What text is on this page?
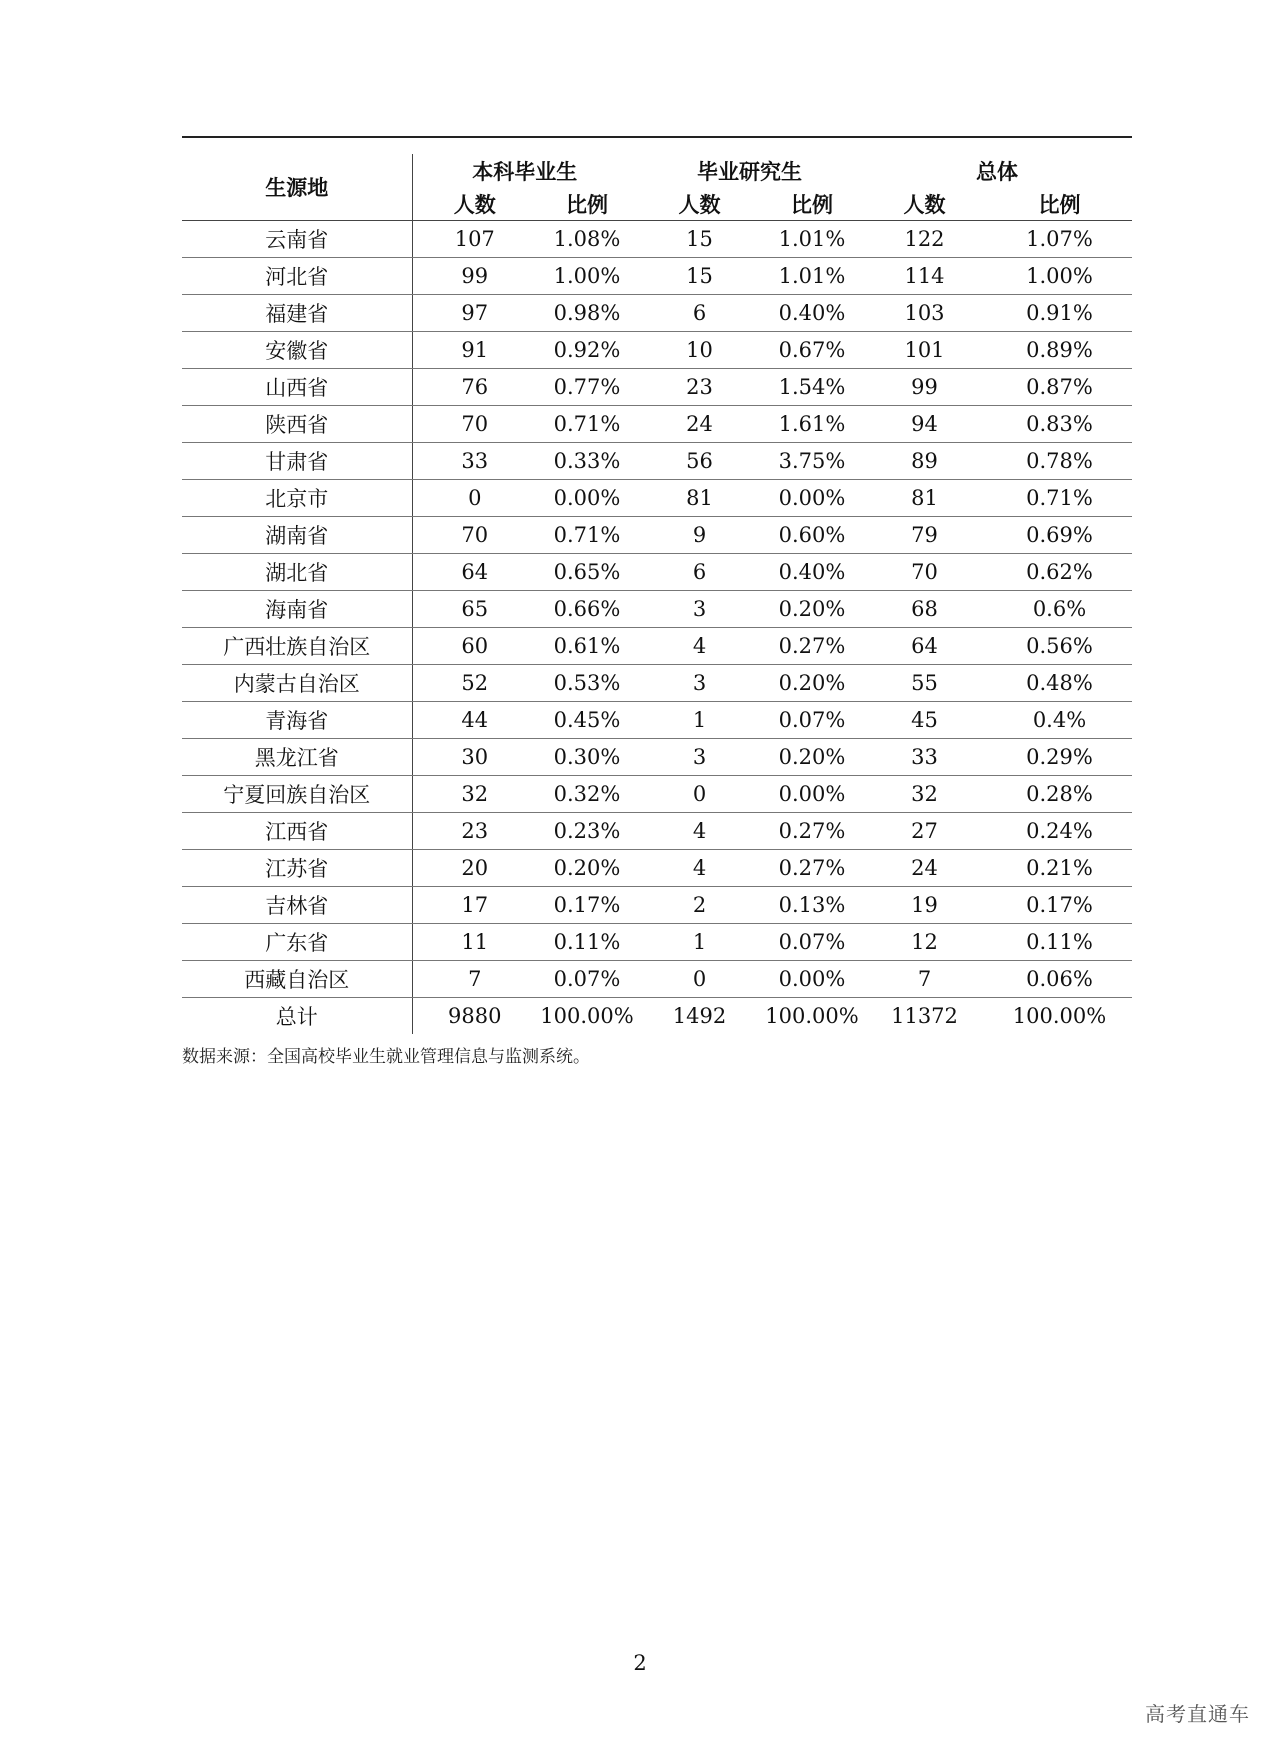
生源地	本科毕业生		毕业研究生		总体	
	人数	比例	人数	比例	人数	比例
云南省	107	1.08%	15	1.01%	122	1.07%
河北省	99	1.00%	15	1.01%	114	1.00%
福建省	97	0.98%	6	0.40%	103	0.91%
安徽省	91	0.92%	10	0.67%	101	0.89%
山西省	76	0.77%	23	1.54%	99	0.87%
陕西省	70	0.71%	24	1.61%	94	0.83%
甘肃省	33	0.33%	56	3.75%	89	0.78%
北京市	0	0.00%	81	0.00%	81	0.71%
湖南省	70	0.71%	9	0.60%	79	0.69%
湖北省	64	0.65%	6	0.40%	70	0.62%
海南省	65	0.66%	3	0.20%	68	0.6%
广西壮族自治区	60	0.61%	4	0.27%	64	0.56%
内蒙古自治区	52	0.53%	3	0.20%	55	0.48%
青海省	44	0.45%	1	0.07%	45	0.4%
黑龙江省	30	0.30%	3	0.20%	33	0.29%
宁夏回族自治区	32	0.32%	0	0.00%	32	0.28%
江西省	23	0.23%	4	0.27%	27	0.24%
江苏省	20	0.20%	4	0.27%	24	0.21%
吉林省	17	0.17%	2	0.13%	19	0.17%
广东省	11	0.11%	1	0.07%	12	0.11%
西藏自治区	7	0.07%	0	0.00%	7	0.06%
总计	9880	100.00%	1492	100.00%	11372	100.00%
数据来源：全国高校毕业生就业管理信息与监测系统。
2
高考直通车
